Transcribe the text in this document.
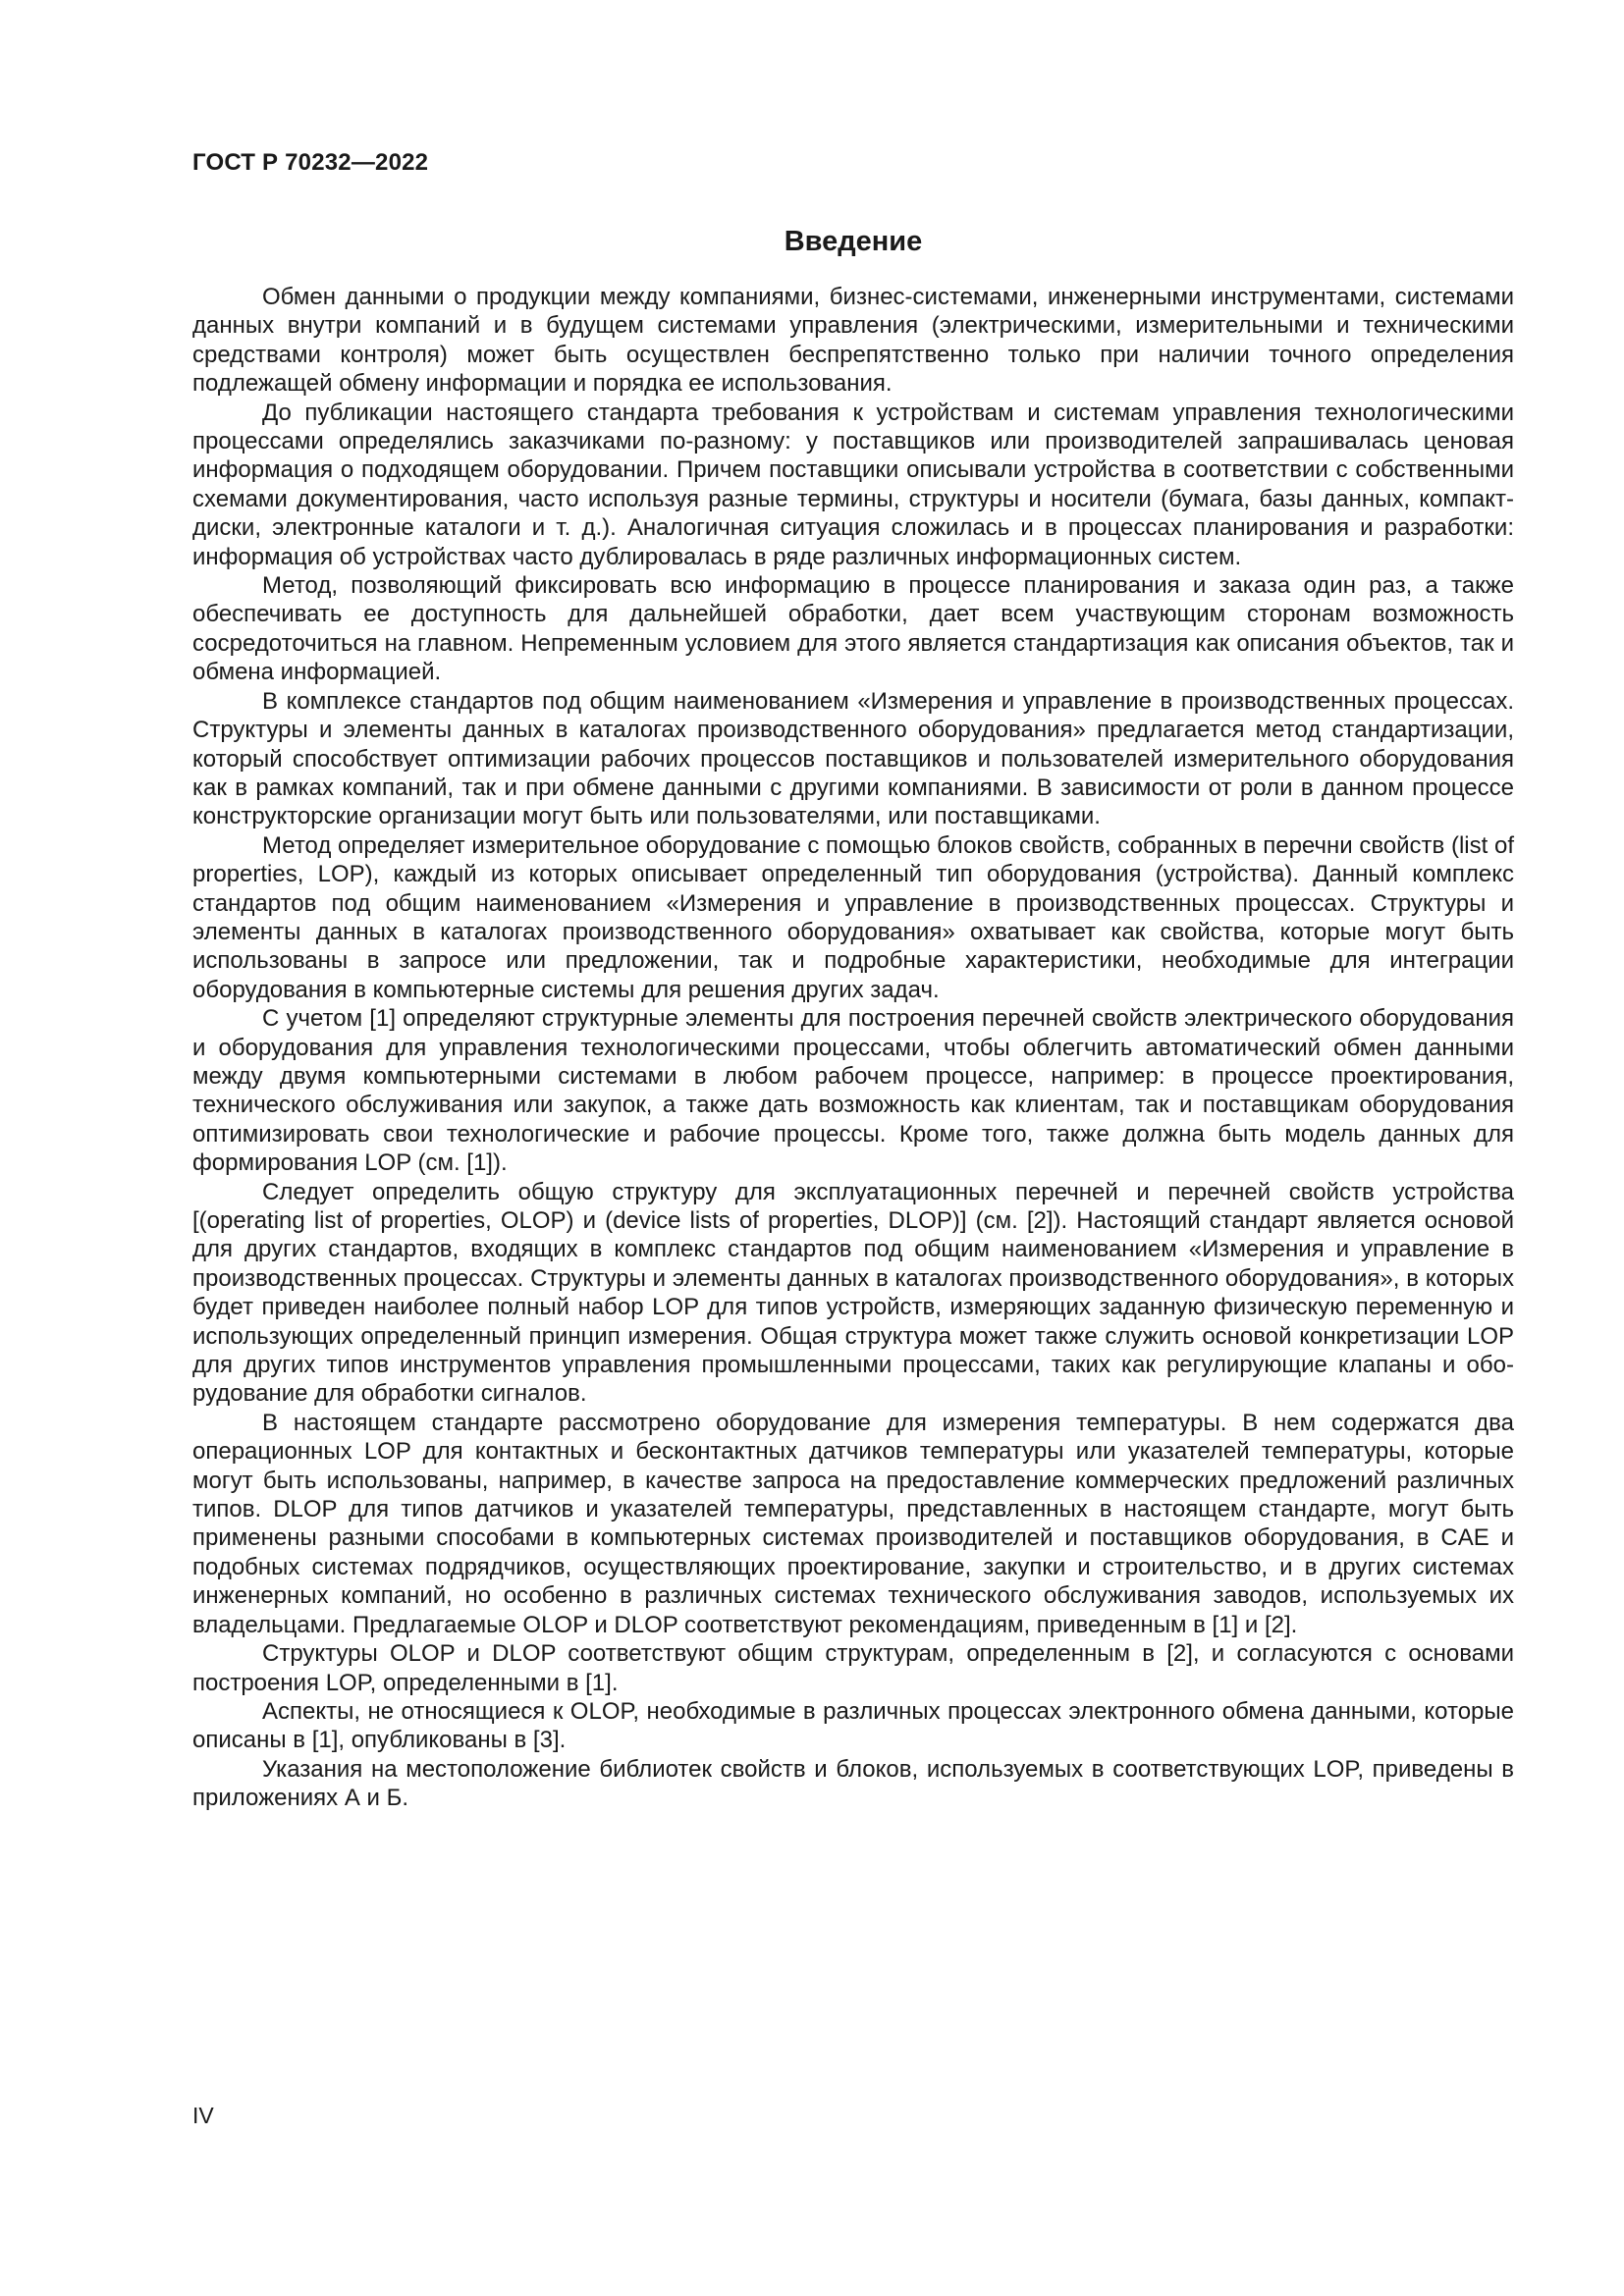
ГОСТ Р 70232—2022
Введение

Обмен данными о продукции между компаниями, бизнес-системами, инженерными инструментами, системами данных внутри компаний и в будущем системами управления (электрическими, измерительными и техническими средствами контроля) может быть осуществлен беспрепятственно только при наличии точного определения подлежащей обмену информации и порядка ее использования.

До публикации настоящего стандарта требования к устройствам и системам управления технологическими процессами определялись заказчиками по-разному: у поставщиков или производителей запрашивалась ценовая информация о подходящем оборудовании. Причем поставщики описывали устройства в соответствии с собственными схемами документирования, часто используя разные термины, структуры и носители (бумага, базы данных, компакт-диски, электронные каталоги и т. д.). Аналогичная ситуация сложилась и в процессах планирования и разработки: информация об устройствах часто дублировалась в ряде различных информационных систем.

Метод, позволяющий фиксировать всю информацию в процессе планирования и заказа один раз, а также обеспечивать ее доступность для дальнейшей обработки, дает всем участвующим сторонам возможность сосредоточиться на главном. Непременным условием для этого является стандартизация как описания объектов, так и обмена информацией.

В комплексе стандартов под общим наименованием «Измерения и управление в производственных процессах. Структуры и элементы данных в каталогах производственного оборудования» предлагается метод стандартизации, который способствует оптимизации рабочих процессов поставщиков и пользователей измерительного оборудования как в рамках компаний, так и при обмене данными с другими компаниями. В зависимости от роли в данном процессе конструкторские организации могут быть или пользователями, или поставщиками.

Метод определяет измерительное оборудование с помощью блоков свойств, собранных в перечни свойств (list of properties, LOP), каждый из которых описывает определенный тип оборудования (устройства). Данный комплекс стандартов под общим наименованием «Измерения и управление в производственных процессах. Структуры и элементы данных в каталогах производственного оборудования» охватывает как свойства, которые могут быть использованы в запросе или предложении, так и подробные характеристики, необходимые для интеграции оборудования в компьютерные системы для решения других задач.

С учетом [1] определяют структурные элементы для построения перечней свойств электрического оборудования и оборудования для управления технологическими процессами, чтобы облегчить автоматический обмен данными между двумя компьютерными системами в любом рабочем процессе, например: в процессе проектирования, технического обслуживания или закупок, а также дать возможность как клиентам, так и поставщикам оборудования оптимизировать свои технологические и рабочие процессы. Кроме того, также должна быть модель данных для формирования LOP (см. [1]).

Следует определить общую структуру для эксплуатационных перечней и перечней свойств устройства [(operating list of properties, OLOP) и (device lists of properties, DLOP)] (см. [2]). Настоящий стандарт является основой для других стандартов, входящих в комплекс стандартов под общим наименованием «Измерения и управление в производственных процессах. Структуры и элементы данных в каталогах производственного оборудования», в которых будет приведен наиболее полный набор LOP для типов устройств, измеряющих заданную физическую переменную и использующих определенный принцип измерения. Общая структура может также служить основой конкретизации LOP для других типов инструментов управления промышленными процессами, таких как регулирующие клапаны и оборудование для обработки сигналов.

В настоящем стандарте рассмотрено оборудование для измерения температуры. В нем содержатся два операционных LOP для контактных и бесконтактных датчиков температуры или указателей температуры, которые могут быть использованы, например, в качестве запроса на предоставление коммерческих предложений различных типов. DLOP для типов датчиков и указателей температуры, представленных в настоящем стандарте, могут быть применены разными способами в компьютерных системах производителей и поставщиков оборудования, в CAE и подобных системах подрядчиков, осуществляющих проектирование, закупки и строительство, и в других системах инженерных компаний, но особенно в различных системах технического обслуживания заводов, используемых их владельцами. Предлагаемые OLOP и DLOP соответствуют рекомендациям, приведенным в [1] и [2].

Структуры OLOP и DLOP соответствуют общим структурам, определенным в [2], и согласуются с основами построения LOP, определенными в [1].

Аспекты, не относящиеся к OLOP, необходимые в различных процессах электронного обмена данными, которые описаны в [1], опубликованы в [3].

Указания на местоположение библиотек свойств и блоков, используемых в соответствующих LOP, приведены в приложениях А и Б.

IV
